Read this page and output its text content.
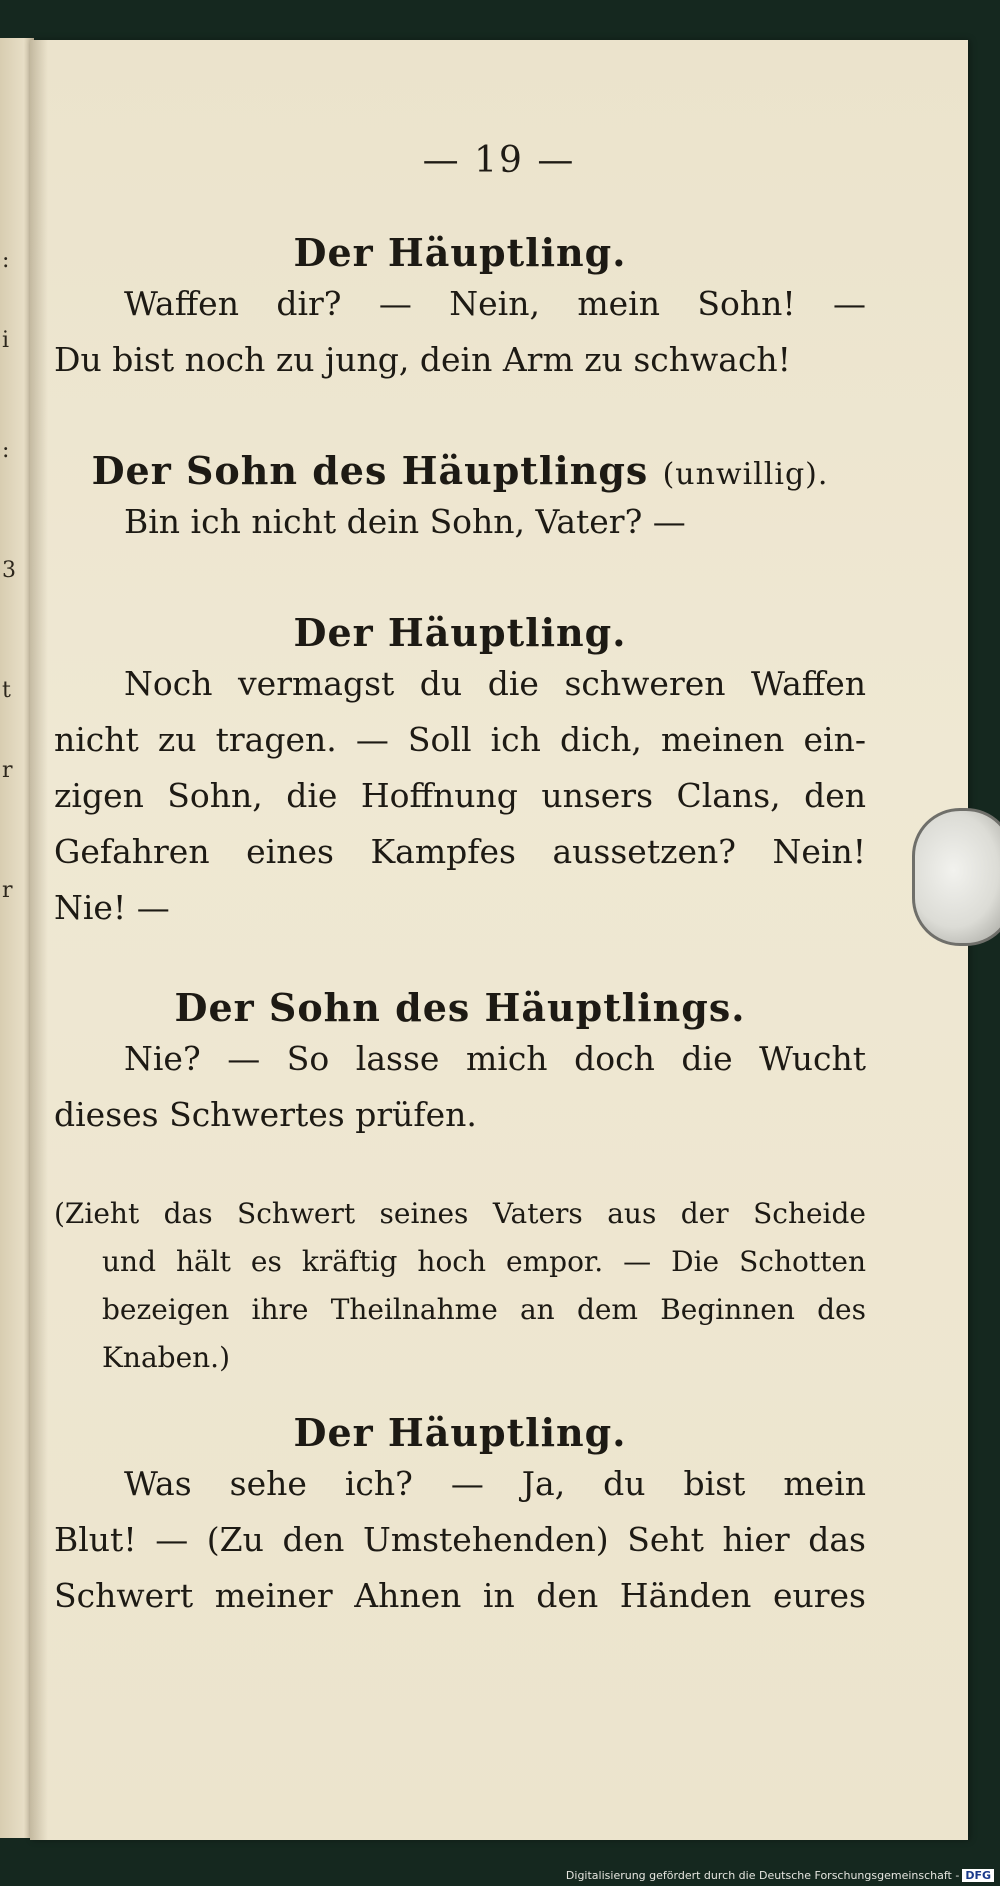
:
i
:
3
t
r
r
— 19 —
Der Häuptling.
Waffen dir? — Nein, mein Sohn! —
Du bist noch zu jung, dein Arm zu schwach!
Der Sohn des Häuptlings (unwillig).
Bin ich nicht dein Sohn, Vater? —
Der Häuptling.
Noch vermagst du die schweren Waffen
nicht zu tragen. — Soll ich dich, meinen ein-
zigen Sohn, die Hoffnung unsers Clans, den
Gefahren eines Kampfes aussetzen? Nein!
Nie! —
Der Sohn des Häuptlings.
Nie? — So lasse mich doch die Wucht
dieses Schwertes prüfen.
(Zieht das Schwert seines Vaters aus der Scheide
und hält es kräftig hoch empor. — Die Schotten
bezeigen ihre Theilnahme an dem Beginnen des
Knaben.)
Der Häuptling.
Was sehe ich? — Ja, du bist mein
Blut! — (Zu den Umstehenden) Seht hier das
Schwert meiner Ahnen in den Händen eures
Digitalisierung gefördert durch die Deutsche Forschungsgemeinschaft - DFG
